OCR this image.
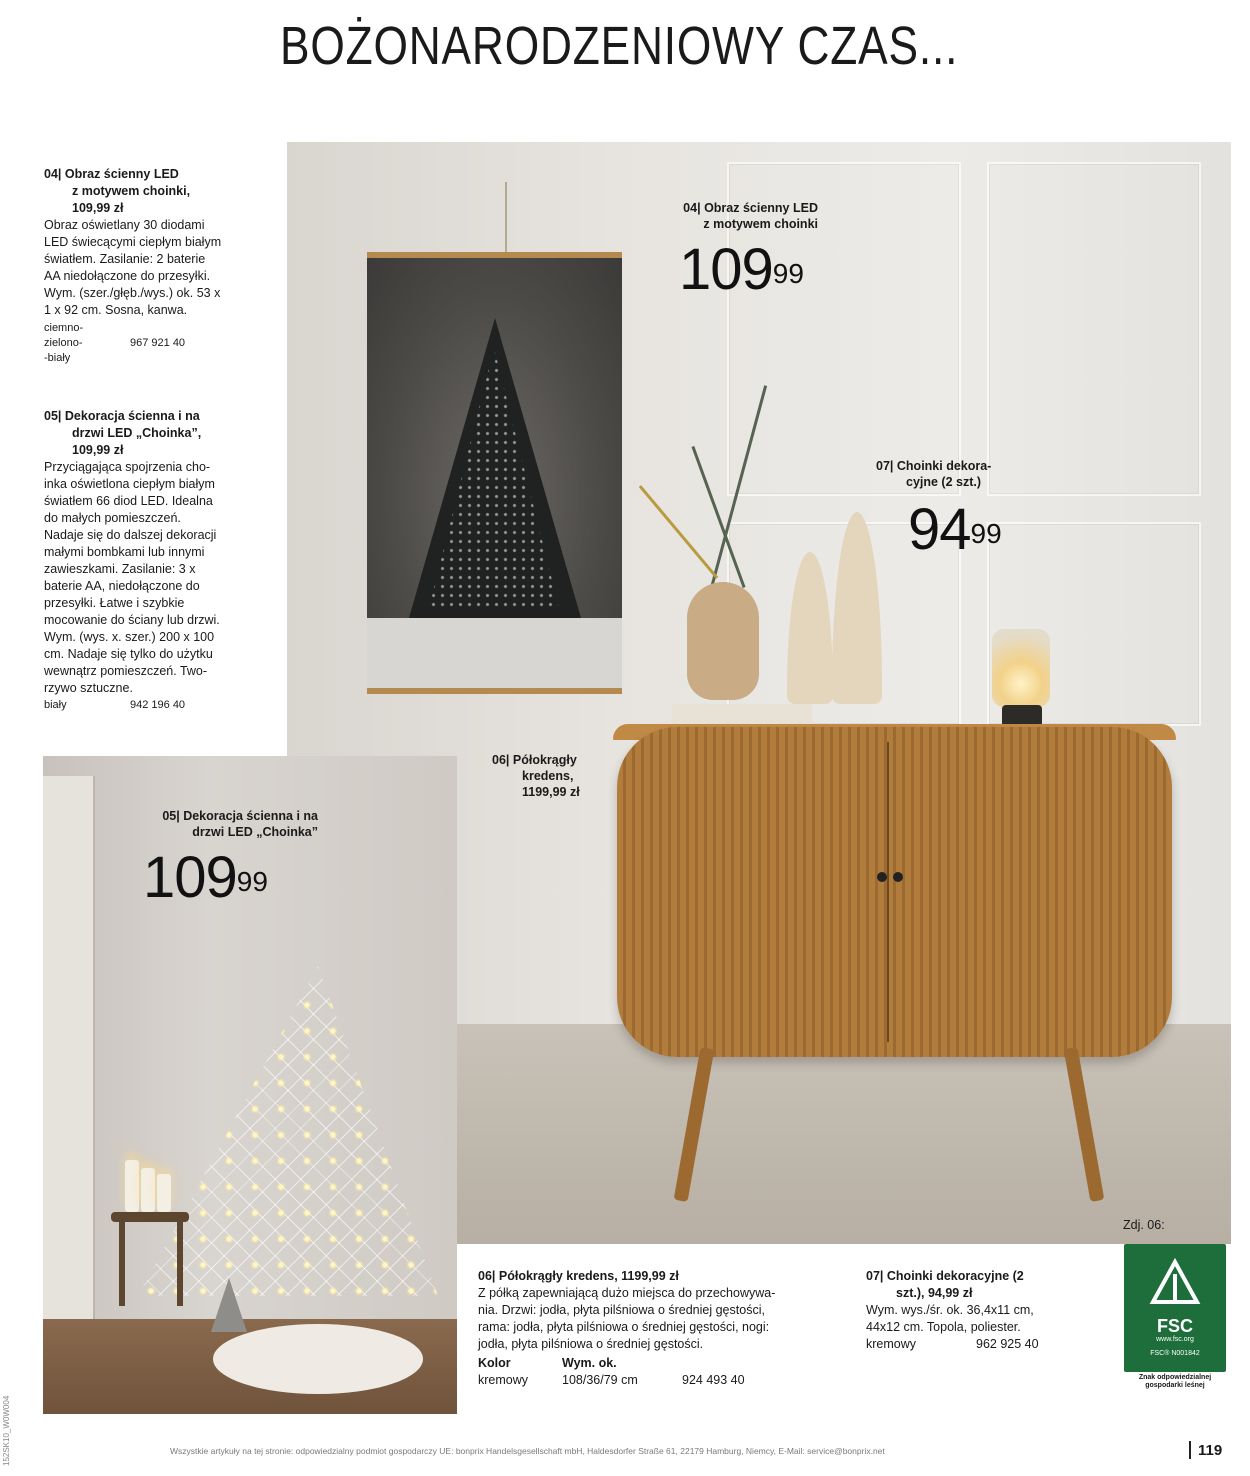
BOŻONARODZENIOWY CZAS...
04| Obraz ścienny LED
z motywem choinki,
109,99 zł
Obraz oświetlany 30 diodami
LED świecącymi ciepłym białym
światłem. Zasilanie: 2 baterie
AA niedołączone do przesyłki.
Wym. (szer./głęb./wys.) ok. 53 x
1 x 92 cm. Sosna, kanwa.
ciemno-
zielono-
-biały
967 921 40
05| Dekoracja ścienna i na
drzwi LED „Choinka”,
109,99 zł
Przyciągająca spojrzenia cho-
inka oświetlona ciepłym białym
światłem 66 diod LED. Idealna
do małych pomieszczeń.
Nadaje się do dalszej dekoracji
małymi bombkami lub innymi
zawieszkami. Zasilanie: 3 x
baterie AA, niedołączone do
przesyłki. Łatwe i szybkie
mocowanie do ściany lub drzwi.
Wym. (wys. x. szer.) 200 x 100
cm. Nadaje się tylko do użytku
wewnątrz pomieszczeń. Two-
rzywo sztuczne.
biały	942 196 40
04| Obraz ścienny LED
z motywem choinki
$109^{99}$
07| Choinki dekora-
cyjne (2 szt.)
$94^{99}$
06| Półokrągły
kredens,
1199,99 zł
05| Dekoracja ścienna i na
drzwi LED „Choinka”
$109^{99}$
06| Półokrągły kredens, 1199,99 zł
Z półką zapewniającą dużo miejsca do przechowywa-
nia. Drzwi: jodła, płyta pilśniowa o średniej gęstości,
rama: jodła, płyta pilśniowa o średniej gęstości, nogi:
jodła, płyta pilśniowa o średniej gęstości.
Kolor	Wym. ok.
kremowy	108/36/79 cm	924 493 40
07| Choinki dekoracyjne (2
szt.), 94,99 zł
Wym. wys./śr. ok. 36,4x11 cm,
44x12 cm. Topola, poliester.
kremowy	962 925 40
Zdj. 06:
FSC
www.fsc.org
FSC® N001842
Znak odpowiedzialnej gospodarki leśnej
Wszystkie artykuły na tej stronie: odpowiedzialny podmiot gospodarczy UE: bonprix Handelsgesellschaft mbH, Haldesdorfer Straße 61, 22179 Hamburg, Niemcy, E-Mail: service@bonprix.net	119
152SK10_W0W004
